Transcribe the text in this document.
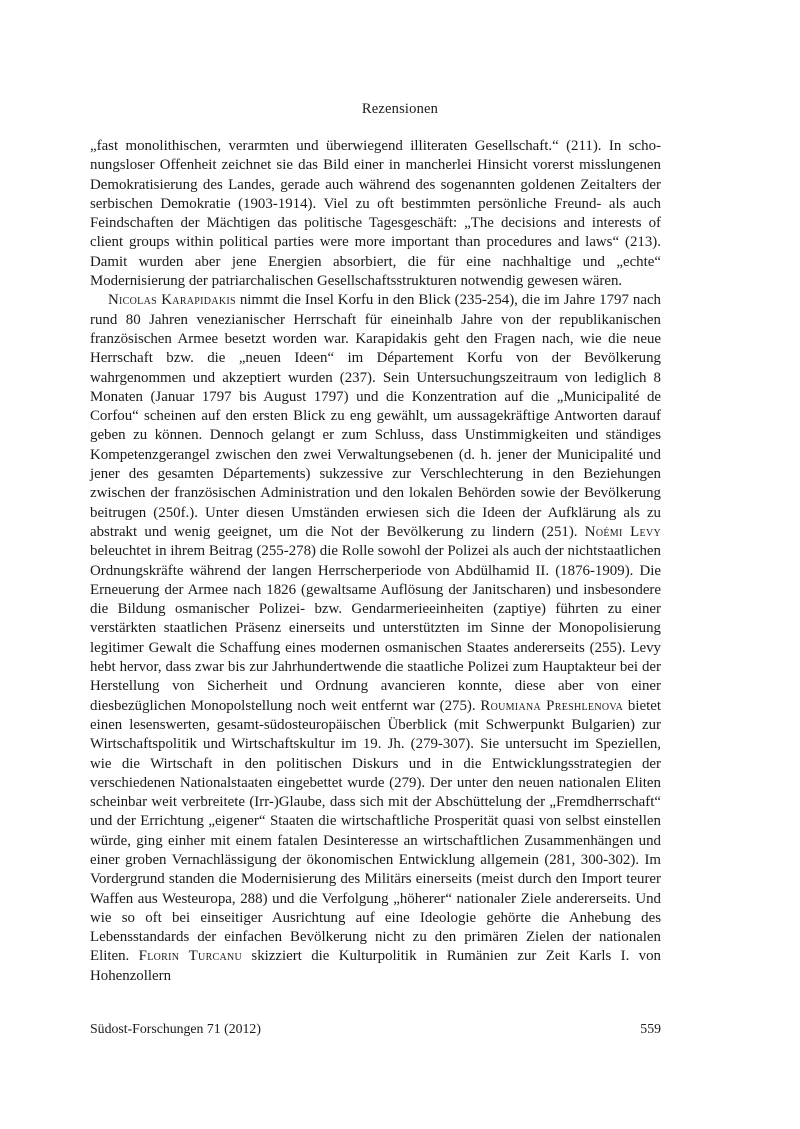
Rezensionen

„fast monolithischen, verarmten und überwiegend illiteraten Gesellschaft.“ (211). In schonungsloser Offenheit zeichnet sie das Bild einer in mancherlei Hinsicht vorerst misslungenen Demokratisierung des Landes, gerade auch während des sogenannten goldenen Zeitalters der serbischen Demokratie (1903-1914). Viel zu oft bestimmten persönliche Freund- als auch Feindschaften der Mächtigen das politische Tagesgeschäft: „The decisions and interests of client groups within political parties were more important than procedures and laws“ (213). Damit wurden aber jene Energien absorbiert, die für eine nachhaltige und „echte“ Modernisierung der patriarchalischen Gesellschaftsstrukturen notwendig gewesen wären.

Nicolas Karapidakis nimmt die Insel Korfu in den Blick (235-254), die im Jahre 1797 nach rund 80 Jahren venezianischer Herrschaft für eineinhalb Jahre von der republikanischen französischen Armee besetzt worden war. Karapidakis geht den Fragen nach, wie die neue Herrschaft bzw. die „neuen Ideen“ im Département Korfu von der Bevölkerung wahrgenommen und akzeptiert wurden (237). Sein Untersuchungszeitraum von lediglich 8 Monaten (Januar 1797 bis August 1797) und die Konzentration auf die „Municipalité de Corfou“ scheinen auf den ersten Blick zu eng gewählt, um aussagekräftige Antworten darauf geben zu können. Dennoch gelangt er zum Schluss, dass Unstimmigkeiten und ständiges Kompetenzgerangel zwischen den zwei Verwaltungsebenen (d. h. jener der Municipalité und jener des gesamten Départements) sukzessive zur Verschlechterung in den Beziehungen zwischen der französischen Administration und den lokalen Behörden sowie der Bevölkerung beitrugen (250f.). Unter diesen Umständen erwiesen sich die Ideen der Aufklärung als zu abstrakt und wenig geeignet, um die Not der Bevölkerung zu lindern (251). Noémi Levy beleuchtet in ihrem Beitrag (255-278) die Rolle sowohl der Polizei als auch der nichtstaatlichen Ordnungskräfte während der langen Herrscherperiode von Abdülhamid II. (1876-1909). Die Erneuerung der Armee nach 1826 (gewaltsame Auflösung der Janitscharen) und insbesondere die Bildung osmanischer Polizei- bzw. Gendarmerieeinheiten (zaptiye) führten zu einer verstärkten staatlichen Präsenz einerseits und unterstützten im Sinne der Monopolisierung legitimer Gewalt die Schaffung eines modernen osmanischen Staates andererseits (255). Levy hebt hervor, dass zwar bis zur Jahrhundertwende die staatliche Polizei zum Hauptakteur bei der Herstellung von Sicherheit und Ordnung avancieren konnte, diese aber von einer diesbezüglichen Monopolstellung noch weit entfernt war (275). Roumiana Preshlenova bietet einen lesenswerten, gesamt-südosteuropäischen Überblick (mit Schwerpunkt Bulgarien) zur Wirtschaftspolitik und Wirtschaftskultur im 19. Jh. (279-307). Sie untersucht im Speziellen, wie die Wirtschaft in den politischen Diskurs und in die Entwicklungsstrategien der verschiedenen Nationalstaaten eingebettet wurde (279). Der unter den neuen nationalen Eliten scheinbar weit verbreitete (Irr-)Glaube, dass sich mit der Abschüttelung der „Fremdherrschaft“ und der Errichtung „eigener“ Staaten die wirtschaftliche Prosperität quasi von selbst einstellen würde, ging einher mit einem fatalen Desinteresse an wirtschaftlichen Zusammenhängen und einer groben Vernachlässigung der ökonomischen Entwicklung allgemein (281, 300-302). Im Vordergrund standen die Modernisierung des Militärs einerseits (meist durch den Import teurer Waffen aus Westeuropa, 288) und die Verfolgung „höherer“ nationaler Ziele andererseits. Und wie so oft bei einseitiger Ausrichtung auf eine Ideologie gehörte die Anhebung des Lebensstandards der einfachen Bevölkerung nicht zu den primären Zielen der nationalen Eliten. Florin Turcanu skizziert die Kulturpolitik in Rumänien zur Zeit Karls I. von Hohenzollern

Südost-Forschungen 71 (2012)	559
